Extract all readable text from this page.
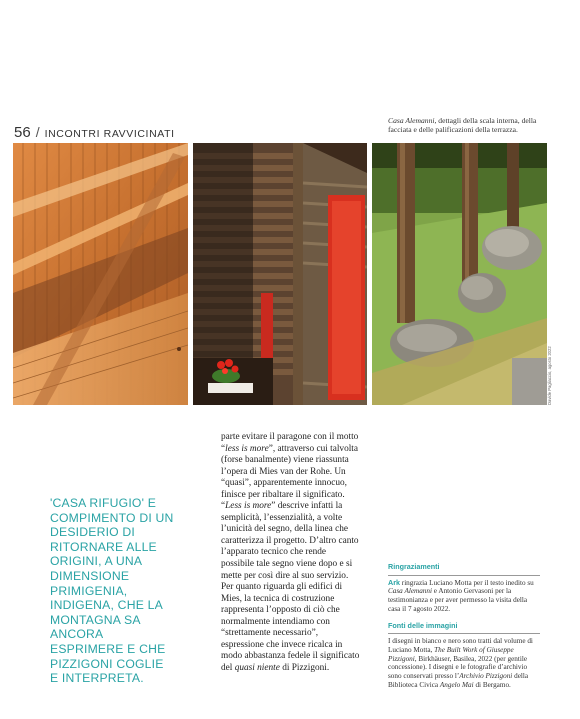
56 / INCONTRI RAVVICINATI
Casa Alemanni, dettagli della scala interna, della facciata e delle palificazioni della terrazza.
Davide Pagliaccio, agosto 2022
'CASA RIFUGIO' E COMPIMENTO DI UN DESIDERIO DI RITORNARE ALLE ORIGINI, A UNA DIMENSIONE PRIMIGENIA, INDIGENA, CHE LA MONTAGNA SA ANCORA ESPRIMERE E CHE PIZZIGONI COGLIE E INTERPRETA.

parte evitare il paragone con il motto “less is more”, attraverso cui talvolta (forse banalmente) viene riassunta l’opera di Mies van der Rohe. Un “quasi”, apparentemente innocuo, finisce per ribaltare il significato. “Less is more” descrive infatti la semplicità, l’essenzialità, a volte l’unicità del segno, della linea che caratterizza il progetto. D’altro canto l’apparato tecnico che rende possibile tale segno viene dopo e si mette per così dire al suo servizio. Per quanto riguarda gli edifici di Mies, la tecnica di costruzione rappresenta l’opposto di ciò che normalmente intendiamo con “strettamente necessario”, espressione che invece ricalca in modo abbastanza fedele il significato del quasi niente di Pizzigoni.

Ringraziamenti

Ark ringrazia Luciano Motta per il testo inedito su Casa Alemanni e Antonio Gervasoni per la testimonianza e per aver permesso la visita della casa il 7 agosto 2022.

Fonti delle immagini

I disegni in bianco e nero sono tratti dal volume di Luciano Motta, The Built Work of Giuseppe Pizzigoni, Birkhäuser, Basilea, 2022 (per gentile concessione). I disegni e le fotografie d’archivio sono conservati presso l’Archivio Pizzigoni della Biblioteca Civica Angelo Mai di Bergamo.
